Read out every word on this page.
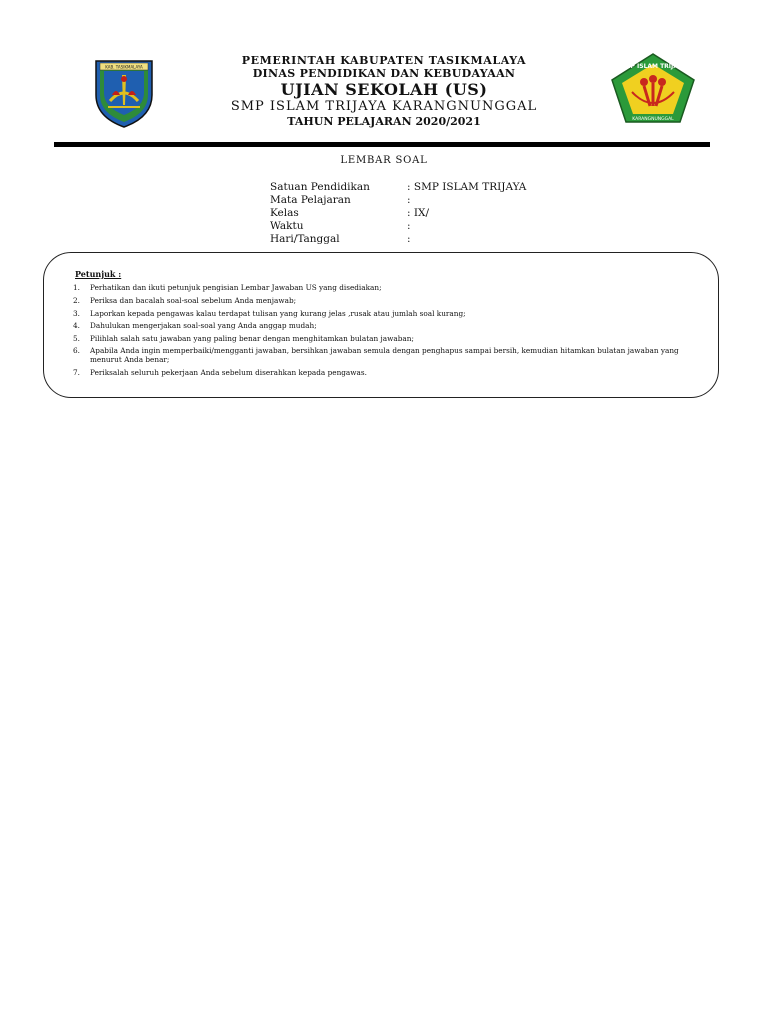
KAB. TASIKMALAYA	PEMERINTAH KABUPATEN TASIKMALAYA
DINAS PENDIDIKAN DAN KEBUDAYAAN
UJIAN SEKOLAH (US)
SMP ISLAM TRIJAYA KARANGNUNGGAL
TAHUN PELAJARAN 2020/2021
SMP ISLAM TRIJAYA
KARANGNUNGGAL
LEMBAR SOAL
Satuan Pendidikan	: SMP ISLAM TRIJAYA
Mata Pelajaran	:
Kelas	: IX/
Waktu	:
Hari/Tanggal	:
Petunjuk :
1. Perhatikan dan ikuti petunjuk pengisian Lembar Jawaban US yang disediakan;
2. Periksa dan bacalah soal-soal sebelum Anda menjawab;
3. Laporkan kepada pengawas kalau terdapat tulisan yang kurang jelas ,rusak atau jumlah soal kurang;
4. Dahulukan mengerjakan soal-soal yang Anda anggap mudah;
5. Pilihlah salah satu jawaban yang paling benar dengan menghitamkan bulatan jawaban;
6. Apabila Anda ingin memperbaiki/mengganti jawaban, bersihkan jawaban semula dengan penghapus sampai bersih, kemudian hitamkan bulatan jawaban yang menurut Anda benar;
7. Periksalah seluruh pekerjaan Anda sebelum diserahkan kepada pengawas.
